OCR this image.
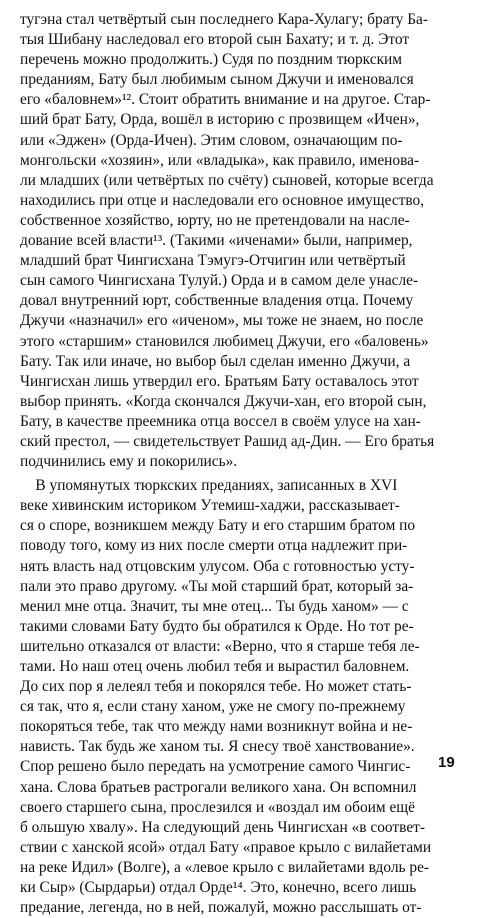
тугэна стал четвёртый сын последнего Кара-Хулагу; брату Ба-
тыя Шибану наследовал его второй сын Бахату; и т. д. Этот
перечень можно продолжить.) Судя по поздним тюркским
преданиям, Бату был любимым сыном Джучи и именовался
его «баловнем»¹². Стоит обратить внимание и на другое. Стар-
ший брат Бату, Орда, вошёл в историю с прозвищем «Ичен»,
или «Эджен» (Орда-Ичен). Этим словом, означающим по-
монгольски «хозяин», или «владыка», как правило, именова-
ли младших (или четвёртых по счёту) сыновей, которые всегда
находились при отце и наследовали его основное имущество,
собственное хозяйство, юрту, но не претендовали на насле-
дование всей власти¹³. (Такими «иченами» были, например,
младший брат Чингисхана Тэмугэ-Отчигин или четвёртый
сын самого Чингисхана Тулуй.) Орда и в самом деле унасле-
довал внутренний юрт, собственные владения отца. Почему
Джучи «назначил» его «иченом», мы тоже не знаем, но после
этого «старшим» становился любимец Джучи, его «баловень»
Бату. Так или иначе, но выбор был сделан именно Джучи, а
Чингисхан лишь утвердил его. Братьям Бату оставалось этот
выбор принять. «Когда скончался Джучи-хан, его второй сын,
Бату, в качестве преемника отца воссел в своём улусе на хан-
ский престол, — свидетельствует Рашид ад-Дин. — Его братья
подчинились ему и покорились».
В упомянутых тюркских преданиях, записанных в XVI
веке хивинским историком Утемиш-хаджи, рассказывает-
ся о споре, возникшем между Бату и его старшим братом по
поводу того, кому из них после смерти отца надлежит при-
нять власть над отцовским улусом. Оба с готовностью усту-
пали это право другому. «Ты мой старший брат, который за-
менил мне отца. Значит, ты мне отец... Ты будь ханом» — с
такими словами Бату будто бы обратился к Орде. Но тот ре-
шительно отказался от власти: «Верно, что я старше тебя ле-
тами. Но наш отец очень любил тебя и вырастил баловнем.
До сих пор я лелеял тебя и покорялся тебе. Но может стать-
ся так, что я, если стану ханом, уже не смогу по-прежнему
покоряться тебе, так что между нами возникнут война и не-
нависть. Так будь же ханом ты. Я снесу твоё ханствование».
Спор решено было передать на усмотрение самого Чингис-
хана. Слова братьев растрогали великого хана. Он вспомнил
своего старшего сына, прослезился и «воздал им обоим ещё
б ольшую хвалу». На следующий день Чингисхан «в соответ-
ствии с ханской ясой» отдал Бату «правое крыло с вилайетами
на реке Идил» (Волге), а «левое крыло с вилайетами вдоль ре-
ки Сыр» (Сырдарьи) отдал Орде¹⁴. Это, конечно, всего лишь
предание, легенда, но в ней, пожалуй, можно расслышать от-
19
